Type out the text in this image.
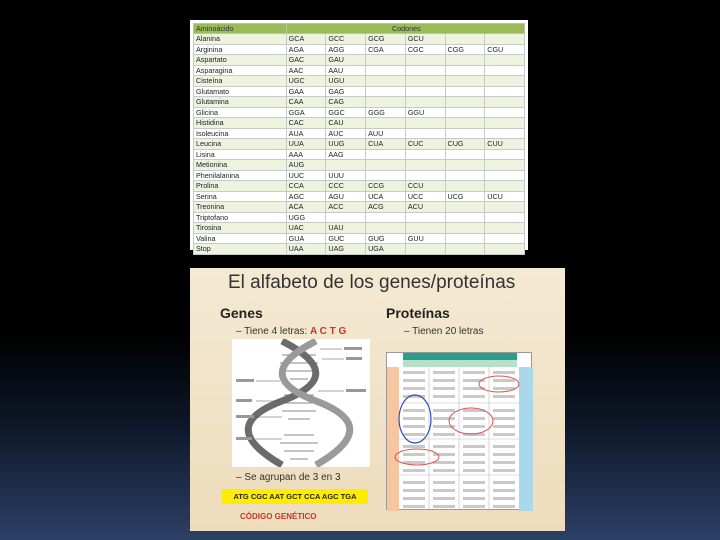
Aminoácido	Codones					
Alanina	GCA	GCC	GCG	GCU		
Arginina	AGA	AGG	CGA	CGC	CGG	CGU
Aspartato	GAC	GAU				
Asparagina	AAC	AAU				
Cisteína	UGC	UGU				
Glutamato	GAA	GAG				
Glutamina	CAA	CAG				
Glicina	GGA	GGC	GGG	GGU		
Histidina	CAC	CAU				
Isoleucina	AUA	AUC	AUU			
Leucina	UUA	UUG	CUA	CUC	CUG	CUU
Lisina	AAA	AAG				
Metionina	AUG					
Phenilalanina	UUC	UUU				
Prolina	CCA	CCC	CCG	CCU		
Serina	AGC	AGU	UCA	UCC	UCG	UCU
Treonina	ACA	ACC	ACG	ACU		
Triptofano	UGG					
Tirosina	UAC	UAU				
Valina	GUA	GUC	GUG	GUU		
Stop	UAA	UAG	UGA			
El alfabeto de los genes/proteínas
Genes	Proteínas
– Tiene 4 letras: A C T G	– Tienen 20 letras
– Se agrupan de 3 en 3
ATG CGC AAT GCT CCA AGC TGA
CÓDIGO GENÉTICO
